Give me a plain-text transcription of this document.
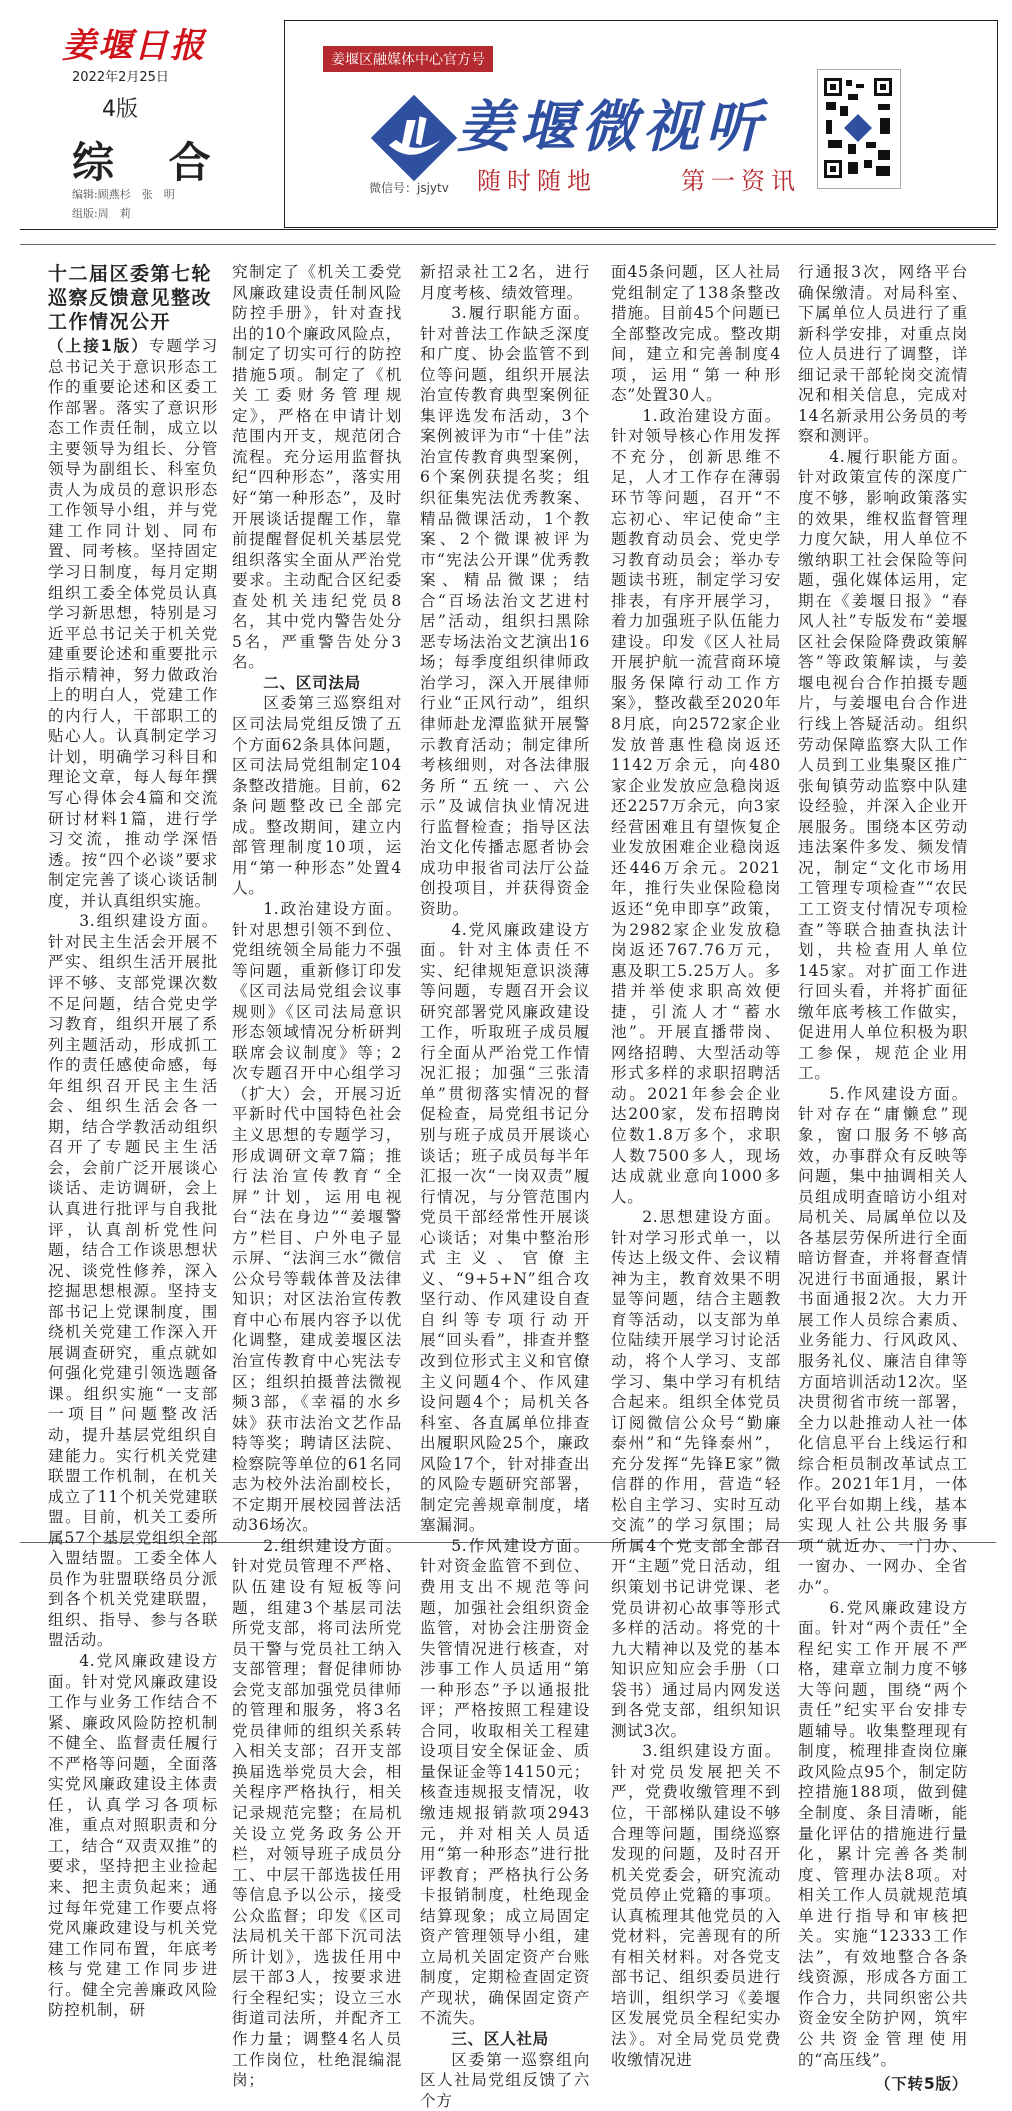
姜堰日报
2022年2月25日
4版
综 合
编辑:顾燕杉　张　明
组版:周　莉
姜堰区融媒体中心官方号
姜堰微视听
微信号：jsjytv 随时随地	第一资讯

十二届区委第七轮
巡察反馈意见整改
工作情况公开

（上接1版）专题学习总书记关于意识形态工作的重要论述和区委工作部署。落实了意识形态工作责任制，成立以主要领导为组长、分管领导为副组长、科室负责人为成员的意识形态工作领导小组，并与党建工作同计划、同布置、同考核。坚持固定学习日制度，每月定期组织工委全体党员认真学习新思想，特别是习近平总书记关于机关党建重要论述和重要批示指示精神，努力做政治上的明白人，党建工作的内行人，干部职工的贴心人。认真制定学习计划，明确学习科目和理论文章，每人每年撰写心得体会4篇和交流研讨材料1篇，进行学习交流，推动学深悟透。按“四个必谈”要求制定完善了谈心谈话制度，并认真组织实施。

3.组织建设方面。针对民主生活会开展不严实、组织生活开展批评不够、支部党课次数不足问题，结合党史学习教育，组织开展了系列主题活动，形成抓工作的责任感使命感，每年组织召开民主生活会、组织生活会各一期，结合学教活动组织召开了专题民主生活会，会前广泛开展谈心谈话、走访调研，会上认真进行批评与自我批评，认真剖析党性问题，结合工作谈思想状况、谈党性修养，深入挖掘思想根源。坚持支部书记上党课制度，围绕机关党建工作深入开展调查研究，重点就如何强化党建引领选题备课。组织实施“一支部一项目”问题整改活动，提升基层党组织自建能力。实行机关党建联盟工作机制，在机关成立了11个机关党建联盟。目前，机关工委所属57个基层党组织全部入盟结盟。工委全体人员作为驻盟联络员分派到各个机关党建联盟，组织、指导、参与各联盟活动。

4.党风廉政建设方面。针对党风廉政建设工作与业务工作结合不紧、廉政风险防控机制不健全、监督责任履行不严格等问题，全面落实党风廉政建设主体责任，认真学习各项标准，重点对照职责和分工，结合“双责双推”的要求，坚持把主业捡起来、把主责负起来；通过每年党建工作要点将党风廉政建设与机关党建工作同布置，年底考核与党建工作同步进行。健全完善廉政风险防控机制，研

究制定了《机关工委党风廉政建设责任制风险防控手册》，针对查找出的10个廉政风险点，制定了切实可行的防控措施5项。制定了《机关工委财务管理规定》，严格在申请计划范围内开支，规范闭合流程。充分运用监督执纪“四种形态”，落实用好“第一种形态”，及时开展谈话提醒工作，靠前提醒督促机关基层党组织落实全面从严治党要求。主动配合区纪委查处机关违纪党员8名，其中党内警告处分5名，严重警告处分3名。

二、区司法局

区委第三巡察组对区司法局党组反馈了五个方面62条具体问题，区司法局党组制定104条整改措施。目前，62条问题整改已全部完成。整改期间，建立内部管理制度10项，运用“第一种形态”处置4人。

1.政治建设方面。针对思想引领不到位、党组统领全局能力不强等问题，重新修订印发《区司法局党组会议事规则》《区司法局意识形态领域情况分析研判联席会议制度》等；2次专题召开中心组学习（扩大）会，开展习近平新时代中国特色社会主义思想的专题学习，形成调研文章7篇；推行法治宣传教育“全屏”计划，运用电视台“法在身边”“姜堰警方”栏目、户外电子显示屏、“法润三水”微信公众号等载体普及法律知识；对区法治宣传教育中心布展内容予以优化调整，建成姜堰区法治宣传教育中心宪法专区；组织拍摄普法微视频3部，《幸福的水乡妹》获市法治文艺作品特等奖；聘请区法院、检察院等单位的61名同志为校外法治副校长，不定期开展校园普法活动36场次。

2.组织建设方面。针对党员管理不严格、队伍建设有短板等问题，组建3个基层司法所党支部，将司法所党员干警与党员社工纳入支部管理；督促律师协会党支部加强党员律师的管理和服务，将3名党员律师的组织关系转入相关支部；召开支部换届选举党员大会，相关程序严格执行，相关记录规范完整；在局机关设立党务政务公开栏，对领导班子成员分工、中层干部选拔任用等信息予以公示，接受公众监督；印发《区司法局机关干部下沉司法所计划》，选拔任用中层干部3人，按要求进行全程纪实；设立三水街道司法所，并配齐工作力量；调整4名人员工作岗位，杜绝混编混岗；

新招录社工2名，进行月度考核、绩效管理。

3.履行职能方面。针对普法工作缺乏深度和广度、协会监管不到位等问题，组织开展法治宣传教育典型案例征集评选发布活动，3个案例被评为市“十佳”法治宣传教育典型案例，6个案例获提名奖；组织征集宪法优秀教案、精品微课活动，1个教案、2个微课被评为市“宪法公开课”优秀教案、精品微课；结合“百场法治文艺进村居”活动，组织扫黑除恶专场法治文艺演出16场；每季度组织律师政治学习，深入开展律师行业“正风行动”，组织律师赴龙潭监狱开展警示教育活动；制定律所考核细则，对各法律服务所“五统一、六公示”及诚信执业情况进行监督检查；指导区法治文化传播志愿者协会成功申报省司法厅公益创投项目，并获得资金资助。

4.党风廉政建设方面。针对主体责任不实、纪律规矩意识淡薄等问题，专题召开会议研究部署党风廉政建设工作，听取班子成员履行全面从严治党工作情况汇报；加强“三张清单”贯彻落实情况的督促检查，局党组书记分别与班子成员开展谈心谈话；班子成员每半年汇报一次“一岗双责”履行情况，与分管范围内党员干部经常性开展谈心谈话；对集中整治形式主义、官僚主义、“9+5+N”组合攻坚行动、作风建设自查自纠等专项行动开展“回头看”，排查并整改到位形式主义和官僚主义问题4个、作风建设问题4个；局机关各科室、各直属单位排查出履职风险25个，廉政风险17个，针对排查出的风险专题研究部署，制定完善规章制度，堵塞漏洞。

5.作风建设方面。针对资金监管不到位、费用支出不规范等问题，加强社会组织资金监管，对协会注册资金失管情况进行核查，对涉事工作人员适用“第一种形态”予以通报批评；严格按照工程建设合同，收取相关工程建设项目安全保证金、质量保证金等14150元；核查违规报支情况，收缴违规报销款项2943元，并对相关人员适用“第一种形态”进行批评教育；严格执行公务卡报销制度，杜绝现金结算现象；成立局固定资产管理领导小组，建立局机关固定资产台账制度，定期检查固定资产现状，确保固定资产不流失。

三、区人社局

区委第一巡察组向区人社局党组反馈了六个方

面45条问题，区人社局党组制定了138条整改措施。目前45个问题已全部整改完成。整改期间，建立和完善制度4项，运用“第一种形态”处置30人。

1.政治建设方面。针对领导核心作用发挥不充分，创新思维不足，人才工作存在薄弱环节等问题，召开“不忘初心、牢记使命”主题教育动员会、党史学习教育动员会；举办专题读书班，制定学习安排表，有序开展学习，着力加强班子队伍能力建设。印发《区人社局开展护航一流营商环境服务保障行动工作方案》，整改截至2020年8月底，向2572家企业发放普惠性稳岗返还1142万余元，向480家企业发放应急稳岗返还2257万余元，向3家经营困难且有望恢复企业发放困难企业稳岗返还446万余元。2021年，推行失业保险稳岗返还“免申即享”政策，为2982家企业发放稳岗返还767.76万元，惠及职工5.25万人。多措并举使求职高效便捷，引流人才“蓄水池”。开展直播带岗、网络招聘、大型活动等形式多样的求职招聘活动。2021年参会企业达200家，发布招聘岗位数1.8万多个，求职人数7500多人，现场达成就业意向1000多人。

2.思想建设方面。针对学习形式单一，以传达上级文件、会议精神为主，教育效果不明显等问题，结合主题教育等活动，以支部为单位陆续开展学习讨论活动，将个人学习、支部学习、集中学习有机结合起来。组织全体党员订阅微信公众号“勤廉泰州”和“先锋泰州”，充分发挥“先锋E家”微信群的作用，营造“轻松自主学习、实时互动交流”的学习氛围；局所属4个党支部全部召开“主题”党日活动，组织策划书记讲党课、老党员讲初心故事等形式多样的活动。将党的十九大精神以及党的基本知识应知应会手册（口袋书）通过局内网发送到各党支部，组织知识测试3次。

3.组织建设方面。针对党员发展把关不严，党费收缴管理不到位，干部梯队建设不够合理等问题，围绕巡察发现的问题，及时召开机关党委会，研究流动党员停止党籍的事项。认真梳理其他党员的入党材料，完善现有的所有相关材料。对各党支部书记、组织委员进行培训，组织学习《姜堰区发展党员全程纪实办法》。对全局党员党费收缴情况进

行通报3次，网络平台确保缴清。对局科室、下属单位人员进行了重新科学安排，对重点岗位人员进行了调整，详细记录干部轮岗交流情况和相关信息，完成对14名新录用公务员的考察和测评。

4.履行职能方面。针对政策宣传的深度广度不够，影响政策落实的效果，维权监督管理力度欠缺，用人单位不缴纳职工社会保险等问题，强化媒体运用，定期在《姜堰日报》“春风人社”专版发布“姜堰区社会保险降费政策解答”等政策解读，与姜堰电视台合作拍摄专题片，与姜堰电台合作进行线上答疑活动。组织劳动保障监察大队工作人员到工业集聚区推广张甸镇劳动监察中队建设经验，并深入企业开展服务。围绕本区劳动违法案件多发、频发情况，制定“文化市场用工管理专项检查”“农民工工资支付情况专项检查”等联合抽查执法计划，共检查用人单位145家。对扩面工作进行回头看，并将扩面征缴年底考核工作做实，促进用人单位积极为职工参保，规范企业用工。

5.作风建设方面。针对存在“庸懒怠”现象，窗口服务不够高效，办事群众有反映等问题，集中抽调相关人员组成明查暗访小组对局机关、局属单位以及各基层劳保所进行全面暗访督查，并将督查情况进行书面通报，累计书面通报2次。大力开展工作人员综合素质、业务能力、行风政风、服务礼仪、廉洁自律等方面培训活动12次。坚决贯彻省市统一部署，全力以赴推动人社一体化信息平台上线运行和综合柜员制改革试点工作。2021年1月，一体化平台如期上线，基本实现人社公共服务事项“就近办、一门办、一窗办、一网办、全省办”。

6.党风廉政建设方面。针对“两个责任”全程纪实工作开展不严格，建章立制力度不够大等问题，围绕“两个责任”纪实平台安排专题辅导。收集整理现有制度，梳理排查岗位廉政风险点95个，制定防控措施188项，做到健全制度、条目清晰，能量化评估的措施进行量化，累计完善各类制度、管理办法8项。对相关工作人员就规范填单进行指导和审核把关。实施“12333工作法”，有效地整合各条线资源，形成各方面工作合力，共同织密公共资金安全防护网，筑牢公共资金管理使用的“高压线”。

（下转5版）
